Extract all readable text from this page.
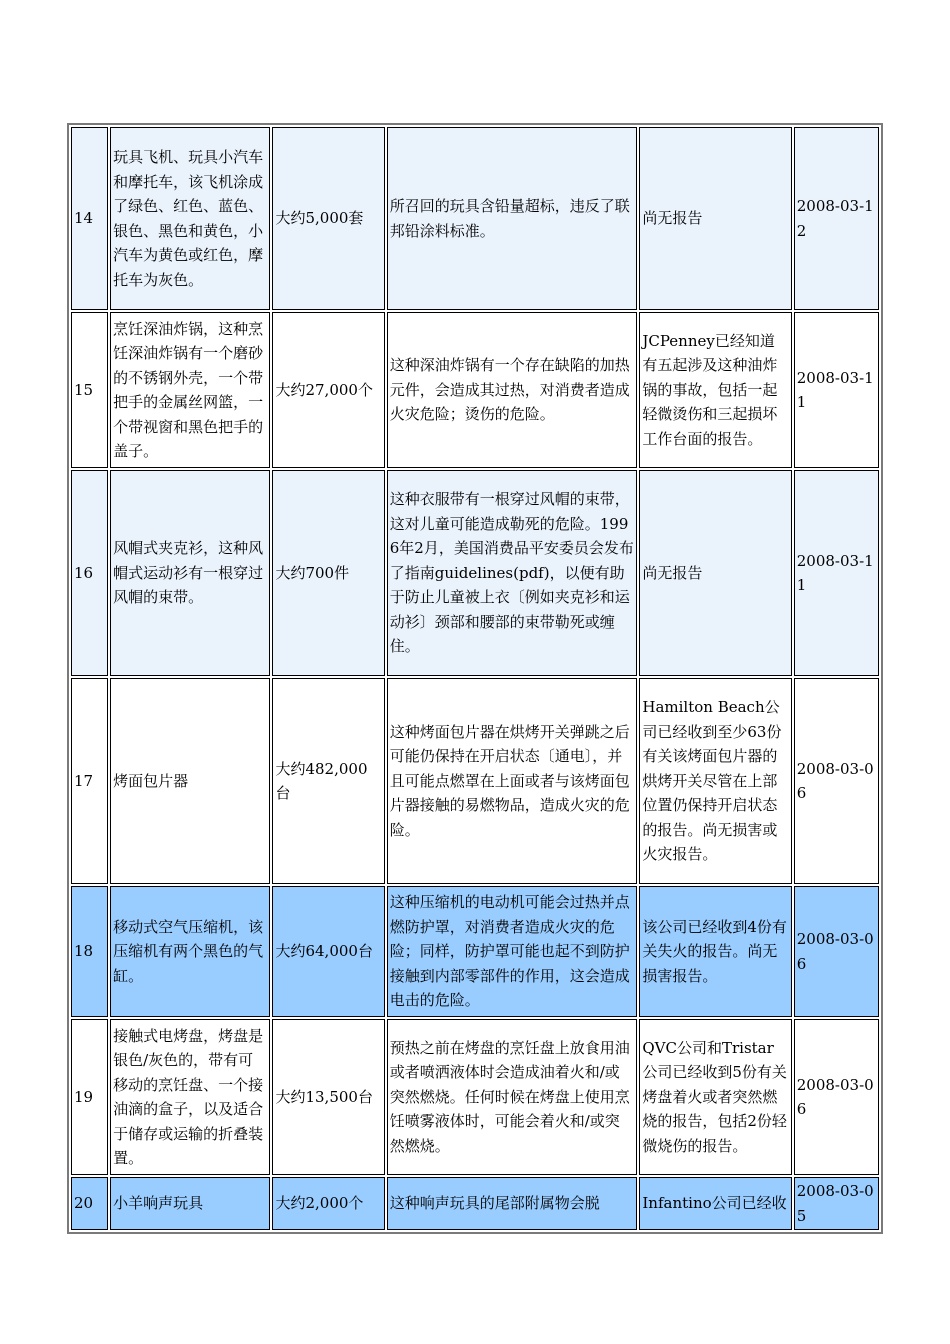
14	玩具飞机、玩具小汽车和摩托车，该飞机涂成了绿色、红色、蓝色、银色、黑色和黄色，小汽车为黄色或红色，摩托车为灰色。	大约5,000套	所召回的玩具含铅量超标，违反了联邦铅涂料标准。	尚无报告	2008-03-12
15	烹饪深油炸锅，这种烹饪深油炸锅有一个磨砂的不锈钢外壳，一个带把手的金属丝网篮，一个带视窗和黑色把手的盖子。	大约27,000个	这种深油炸锅有一个存在缺陷的加热元件，会造成其过热，对消费者造成火灾危险；烫伤的危险。	JCPenney已经知道有五起涉及这种油炸锅的事故，包括一起轻微烫伤和三起损坏工作台面的报告。	2008-03-11
16	风帽式夹克衫，这种风帽式运动衫有一根穿过风帽的束带。	大约700件	这种衣服带有一根穿过风帽的束带，这对儿童可能造成勒死的危险。1996年2月，美国消费品平安委员会发布了指南guidelines(pdf)，以便有助于防止儿童被上衣〔例如夹克衫和运动衫〕颈部和腰部的束带勒死或缠住。	尚无报告	2008-03-11
17	烤面包片器	大约482,000台	这种烤面包片器在烘烤开关弹跳之后可能仍保持在开启状态〔通电〕，并且可能点燃罩在上面或者与该烤面包片器接触的易燃物品，造成火灾的危险。	Hamilton Beach公司已经收到至少63份有关该烤面包片器的烘烤开关尽管在上部位置仍保持开启状态的报告。尚无损害或火灾报告。	2008-03-06
18	移动式空气压缩机，该压缩机有两个黑色的气缸。	大约64,000台	这种压缩机的电动机可能会过热并点燃防护罩，对消费者造成火灾的危险；同样，防护罩可能也起不到防护接触到内部零部件的作用，这会造成电击的危险。	该公司已经收到4份有关失火的报告。尚无损害报告。	2008-03-06
19	接触式电烤盘，烤盘是银色/灰色的，带有可移动的烹饪盘、一个接油滴的盒子，以及适合于储存或运输的折叠装置。	大约13,500台	预热之前在烤盘的烹饪盘上放食用油或者喷洒液体时会造成油着火和/或突然燃烧。任何时候在烤盘上使用烹饪喷雾液体时，可能会着火和/或突然燃烧。	QVC公司和Tristar公司已经收到5份有关烤盘着火或者突然燃烧的报告，包括2份轻微烧伤的报告。	2008-03-06
20	小羊响声玩具	大约2,000个	这种响声玩具的尾部附属物会脱	Infantino公司已经收	2008-03-05
